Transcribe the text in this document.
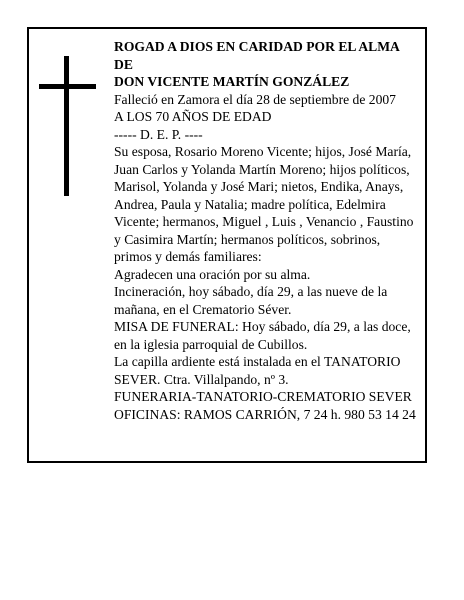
ROGAD A DIOS EN CARIDAD POR EL ALMA
DE
DON VICENTE MARTÍN GONZÁLEZ
Falleció en Zamora el día 28 de septiembre de 2007
A LOS 70 AÑOS DE EDAD
----- D. E. P. ----
Su esposa, Rosario Moreno Vicente; hijos, José María,
Juan Carlos y Yolanda Martín Moreno; hijos políticos,
Marisol, Yolanda y José Mari; nietos, Endika, Anays,
Andrea, Paula y Natalia; madre política, Edelmira
Vicente; hermanos, Miguel , Luis , Venancio , Faustino
y Casimira Martín; hermanos políticos, sobrinos,
primos y demás familiares:
Agradecen una oración por su alma.
Incineración, hoy sábado, día 29, a las nueve de la
mañana, en el Crematorio Séver.
MISA DE FUNERAL: Hoy sábado, día 29, a las doce,
en la iglesia parroquial de Cubillos.
La capilla ardiente está instalada en el TANATORIO
SEVER. Ctra. Villalpando, nº 3.
FUNERARIA-TANATORIO-CREMATORIO SEVER
OFICINAS: RAMOS CARRIÓN, 7 24 h. 980 53 14 24
